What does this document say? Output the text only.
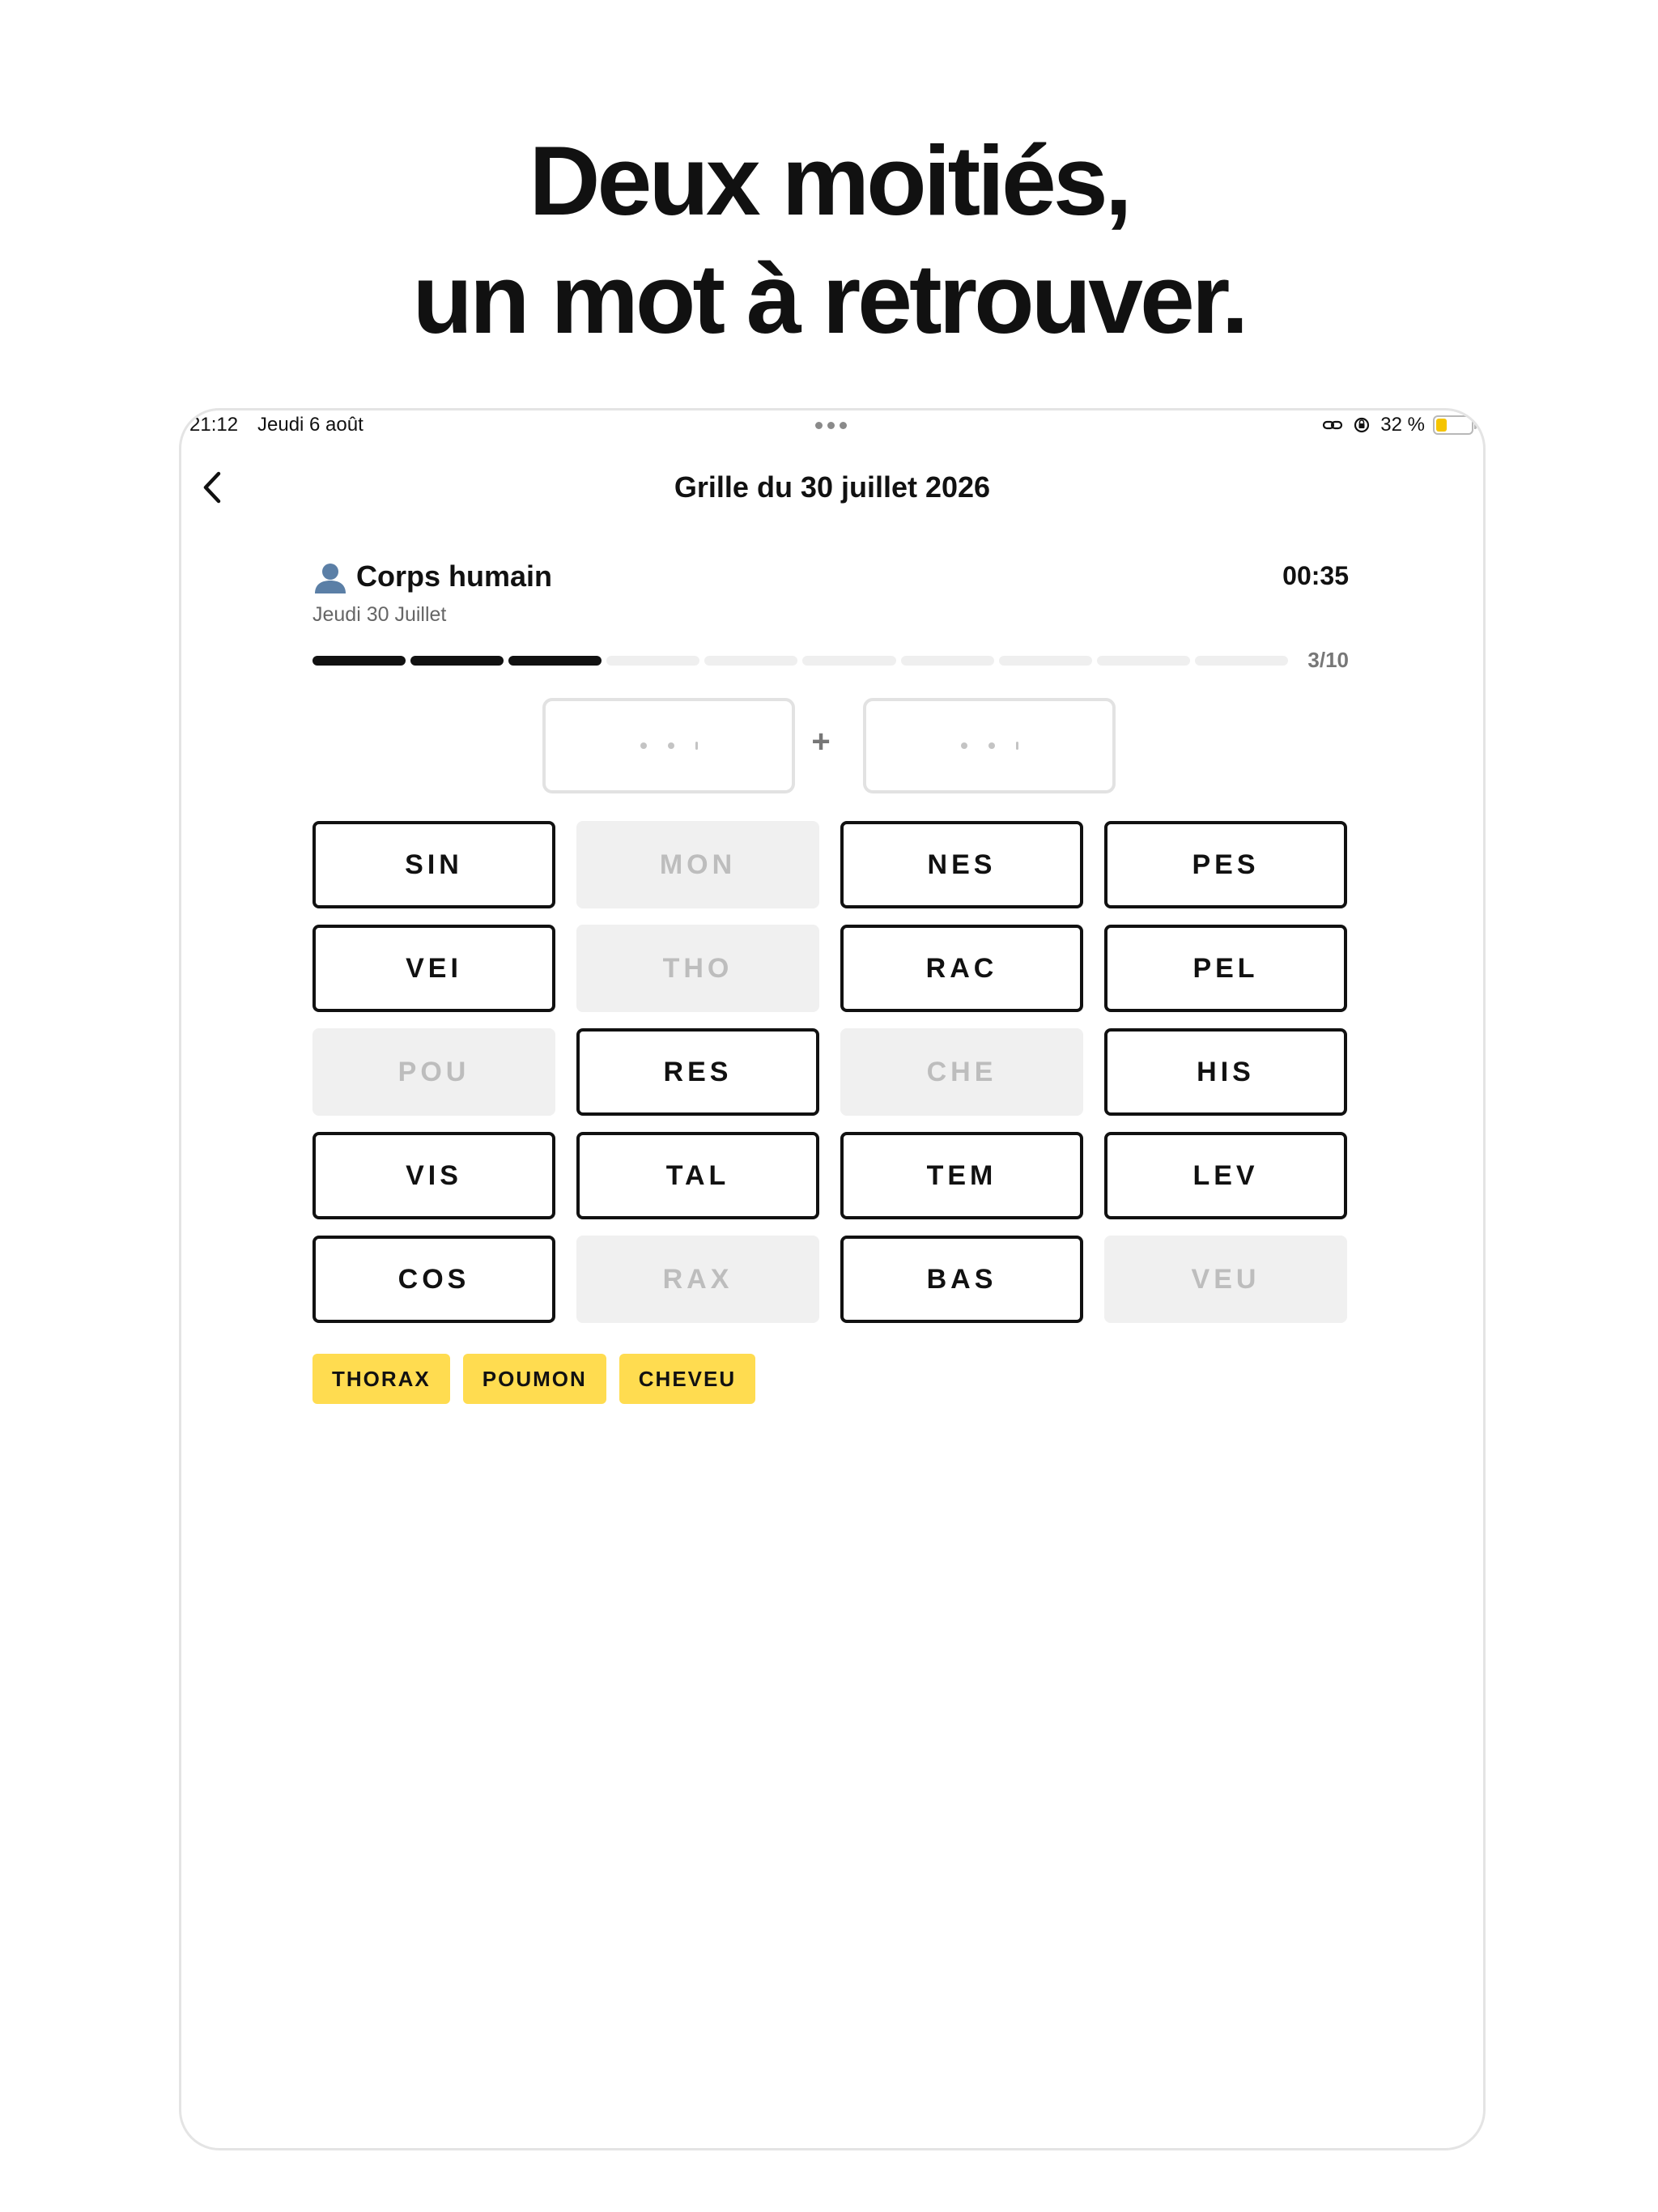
Deux moitiés,
un mot à retrouver.
21:12 Jeudi 6 août	32 %
Grille du 30 juillet 2026
Corps humain	00:35
Jeudi 30 Juillet
3/10
+
SIN	MON	NES	PES
VEI	THO	RAC	PEL
POU	RES	CHE	HIS
VIS	TAL	TEM	LEV
COS	RAX	BAS	VEU
THORAX	POUMON	CHEVEU
